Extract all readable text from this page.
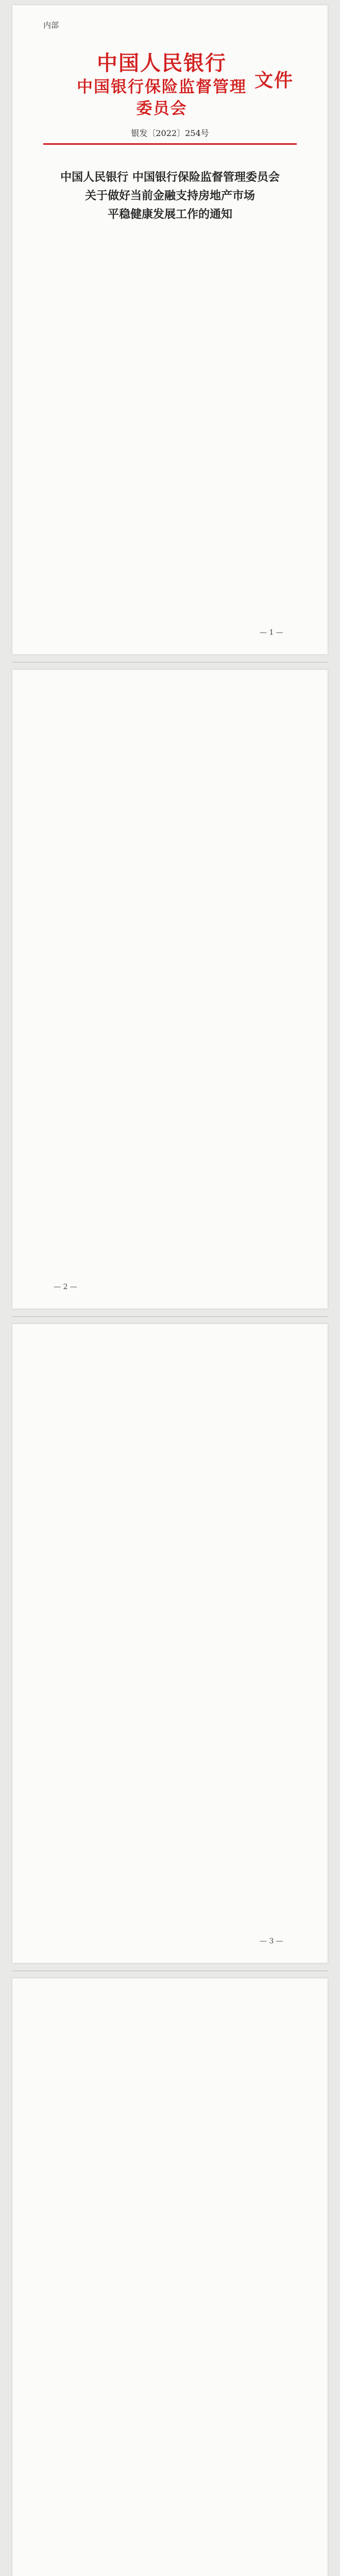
内部
中国人民银行
中国银行保险监督管理委员会
文件
银发〔2022〕254号
中国人民银行 中国银行保险监督管理委员会
关于做好当前金融支持房地产市场
平稳健康发展工作的通知
— 1 —
— 2 —
— 3 —
